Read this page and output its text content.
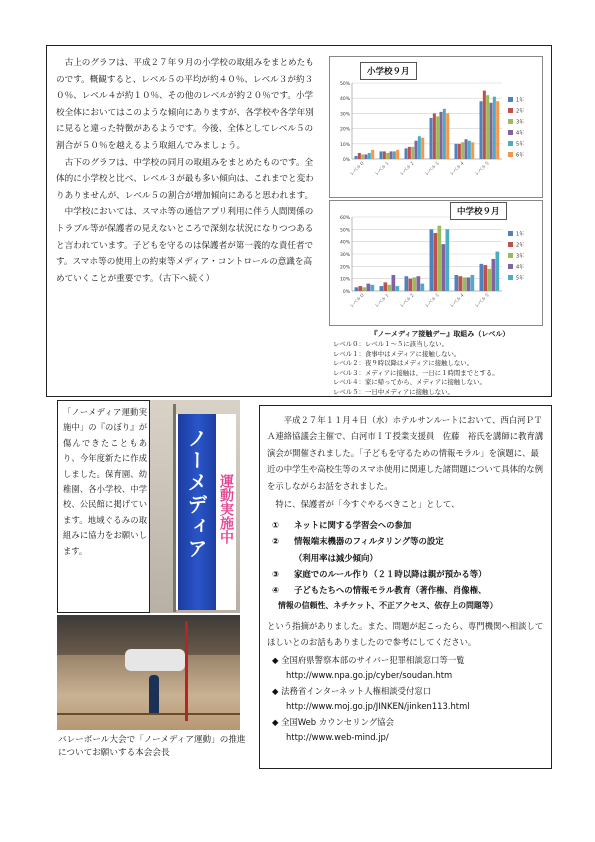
古上のグラフは、平成２７年９月の小学校の取組みをまとめたものです。概観すると、レベル５の平均が約４０％、レベル３が約３０％、レベル４が約１０％、その他のレベルが約２０％です。小学校全体においてはこのような傾向にありますが、各学校や各学年別に見ると違った特徴があるようです。今後、全体としてレベル５の割合が５０％を越えるよう取組んでみましょう。

古下のグラフは、中学校の同月の取組みをまとめたものです。全体的に小学校と比べ、レベル３が最も多い傾向は、これまでと変わりありませんが、レベル５の割合が増加傾向にあると思われます。

中学校においては、スマホ等の通信アプリ利用に伴う人間関係のトラブル等が保護者の見えないところで深刻な状況になりつつあると言われています。子どもを守るのは保護者が第一義的な責任者です。スマホ等の使用上の約束等メディア・コントロールの意識を高めていくことが重要です。（古下へ続く）

0%
10%
20%
30%
40%
50%
レベル０ レベル１ レベル２ レベル３ レベル４ レベル５
1年
2年
3年
4年
5年
6年
小学校９月
0%
10%
20%
30%
40%
50%
60%
レベル０ レベル１ レベル２ レベル３ レベル４ レベル５
1年
2年
3年
4年
5年
中学校９月
『ノーメディア接触デー』取組み（レベル）
レベル０：レベル１～５に該当しない。
レベル１：食事中はメディアに接触しない。
レベル２：夜９時以降はメディアに接触しない。
レベル３：メディアに接触は、一日に１時間までとする。
レベル４：家に帰ってから、メディアに接触しない。
レベル５：一日中メディアに接触しない。
「ノーメディア運動実施中」の『のぼり』が傷んできたこともあり、今年度新たに作成しました。保育園、幼稚園、各小学校、中学校、公民館に掲げています。地域ぐるみの取組みに協力をお願いします。	ノーメディア 運動実施中
バレーボール大会で「ノーメディア運動」の推進についてお願いする本会会長
平成２７年１１月４日（水）ホテルサンルートにおいて、西白河ＰＴＡ連絡協議会主催で、白河市ＩＴ授業支援員　佐藤　裕氏を講師に教育講演会が開催されました。「子どもを守るための情報モラル」を演題に、最近の中学生や高校生等のスマホ使用に関連した諸問題について具体的な例を示しながらお話をされました。
特に、保護者が「今すぐやるべきこと」として、
① ネットに関する学習会への参加
② 情報端末機器のフィルタリング等の設定
（利用率は減少傾向）
③ 家庭でのルール作り（２１時以降は親が預かる等）
④ 子どもたちへの情報モラル教育（著作権、肖像権、
情報の信頼性、ネチケット、不正アクセス、依存上の問題等）
という指摘がありました。また、問題が起こったら、専門機関へ相談してほしいとのお話もありましたので参考にしてください。
◆ 全国府県警察本部のサイバー犯罪相談窓口等一覧
http://www.npa.go.jp/cyber/soudan.htm
◆ 法務省インターネット人権相談受付窓口
http://www.moj.go.jp/JINKEN/jinken113.html
◆ 全国Web カウンセリング協会
http://www.web-mind.jp/
